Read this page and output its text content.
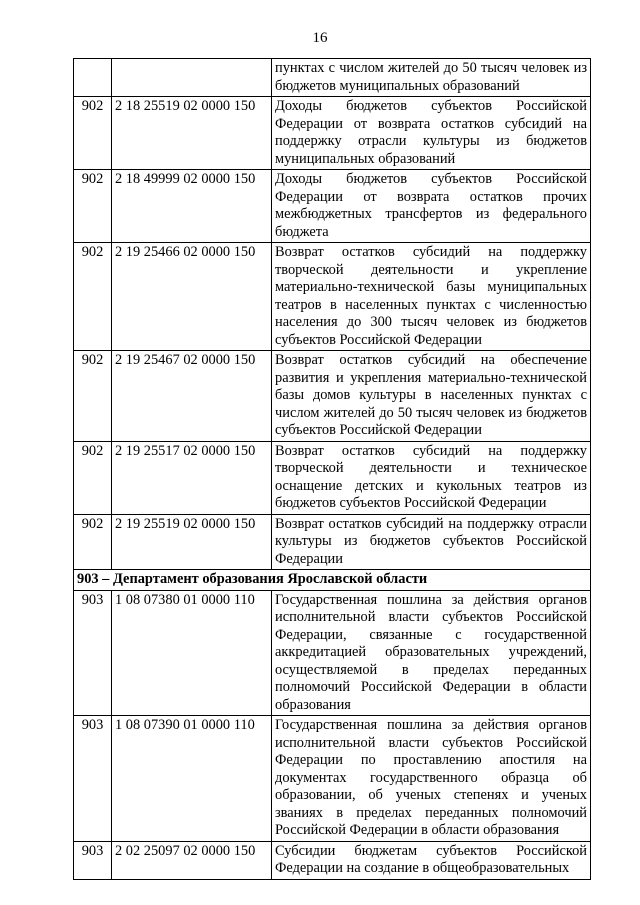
16
		пунктах с числом жителей до 50 тысяч человек из бюджетов муниципальных образований
902	2 18 25519 02 0000 150	Доходы бюджетов субъектов Российской Федерации от возврата остатков субсидий на поддержку отрасли культуры из бюджетов муниципальных образований
902	2 18 49999 02 0000 150	Доходы бюджетов субъектов Российской Федерации от возврата остатков прочих межбюджетных трансфертов из федерального бюджета
902	2 19 25466 02 0000 150	Возврат остатков субсидий на поддержку творческой деятельности и укрепление материально-технической базы муниципальных театров в населенных пунктах с численностью населения до 300 тысяч человек из бюджетов субъектов Российской Федерации
902	2 19 25467 02 0000 150	Возврат остатков субсидий на обеспечение развития и укрепления материально-технической базы домов культуры в населенных пунктах с числом жителей до 50 тысяч человек из бюджетов субъектов Российской Федерации
902	2 19 25517 02 0000 150	Возврат остатков субсидий на поддержку творческой деятельности и техническое оснащение детских и кукольных театров из бюджетов субъектов Российской Федерации
902	2 19 25519 02 0000 150	Возврат остатков субсидий на поддержку отрасли культуры из бюджетов субъектов Российской Федерации
903 – Департамент образования Ярославской области		
903	1 08 07380 01 0000 110	Государственная пошлина за действия органов исполнительной власти субъектов Российской Федерации, связанные с государственной аккредитацией образовательных учреждений, осуществляемой в пределах переданных полномочий Российской Федерации в области образования
903	1 08 07390 01 0000 110	Государственная пошлина за действия органов исполнительной власти субъектов Российской Федерации по проставлению апостиля на документах государственного образца об образовании, об ученых степенях и ученых званиях в пределах переданных полномочий Российской Федерации в области образования
903	2 02 25097 02 0000 150	Субсидии бюджетам субъектов Российской Федерации на создание в общеобразовательных
